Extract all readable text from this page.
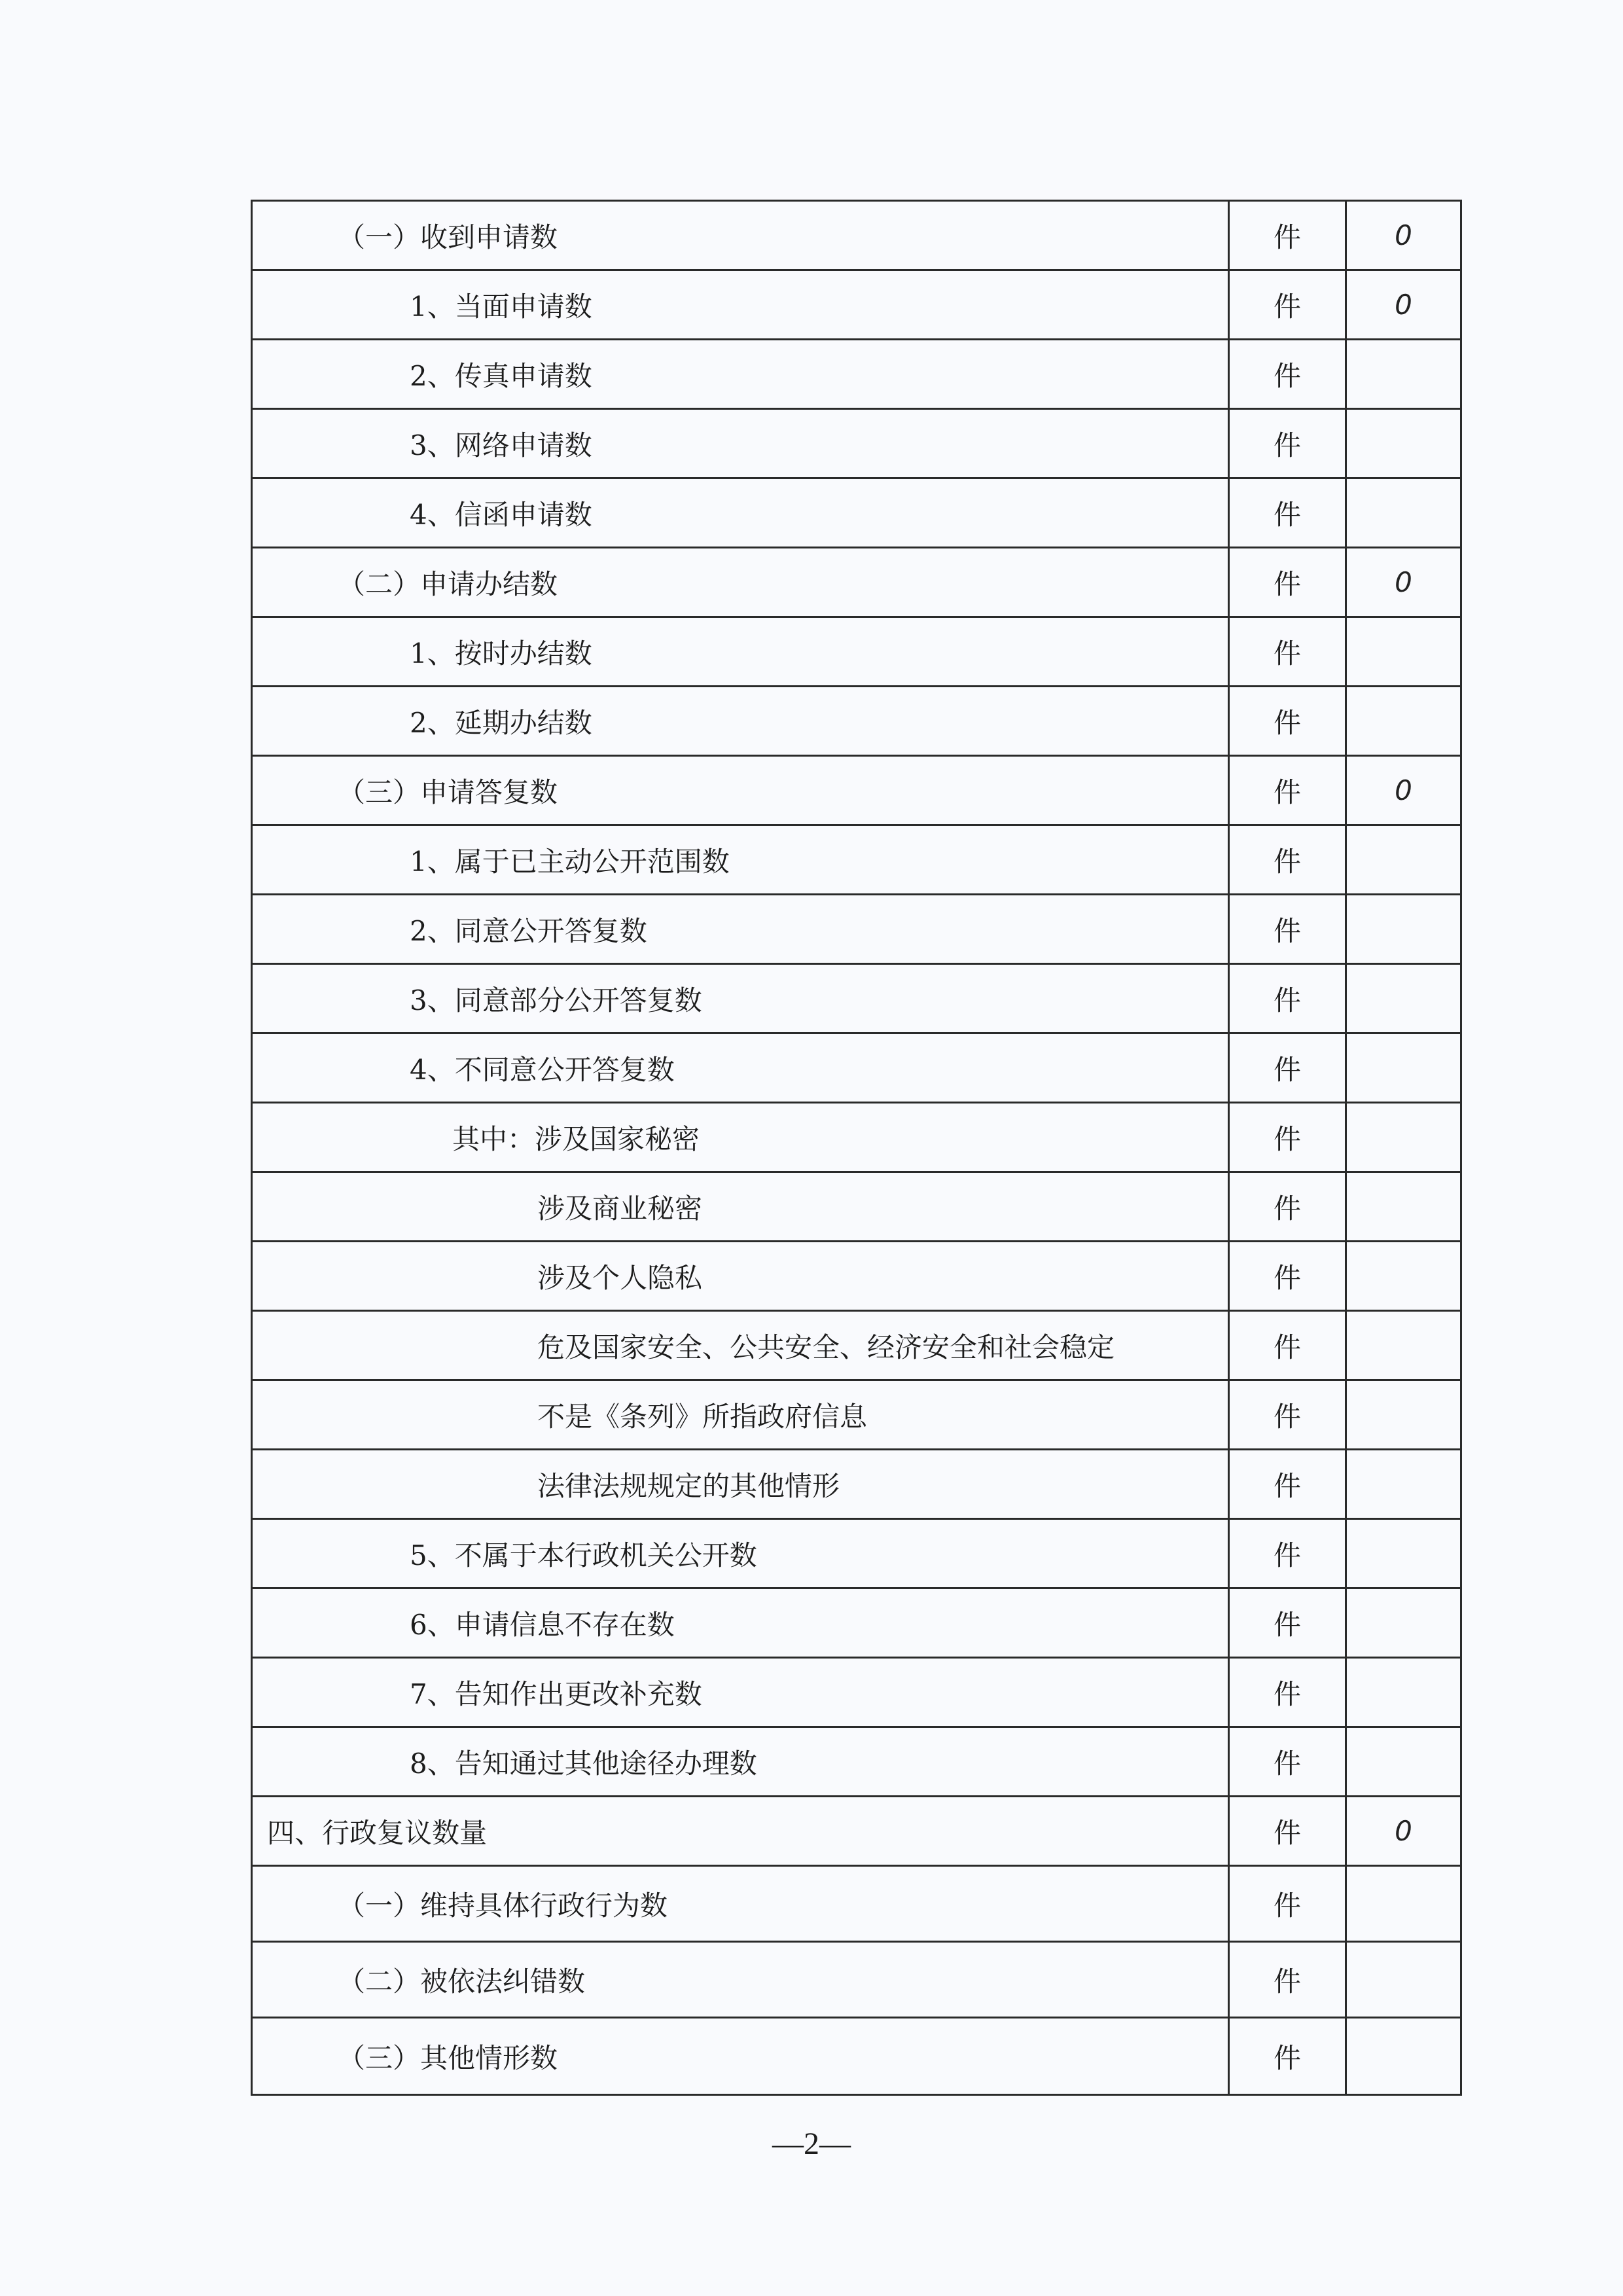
（一）收到申请数	件	0
1、当面申请数	件	0
2、传真申请数	件	
3、网络申请数	件	
4、信函申请数	件	
（二）申请办结数	件	0
1、按时办结数	件	
2、延期办结数	件	
（三）申请答复数	件	0
1、属于已主动公开范围数	件	
2、同意公开答复数	件	
3、同意部分公开答复数	件	
4、不同意公开答复数	件	
其中：涉及国家秘密	件	
涉及商业秘密	件	
涉及个人隐私	件	
危及国家安全、公共安全、经济安全和社会稳定	件	
不是《条列》所指政府信息	件	
法律法规规定的其他情形	件	
5、不属于本行政机关公开数	件	
6、申请信息不存在数	件	
7、告知作出更改补充数	件	
8、告知通过其他途径办理数	件	
四、行政复议数量	件	0
（一）维持具体行政行为数	件	
（二）被依法纠错数	件	
（三）其他情形数	件	
—2—
